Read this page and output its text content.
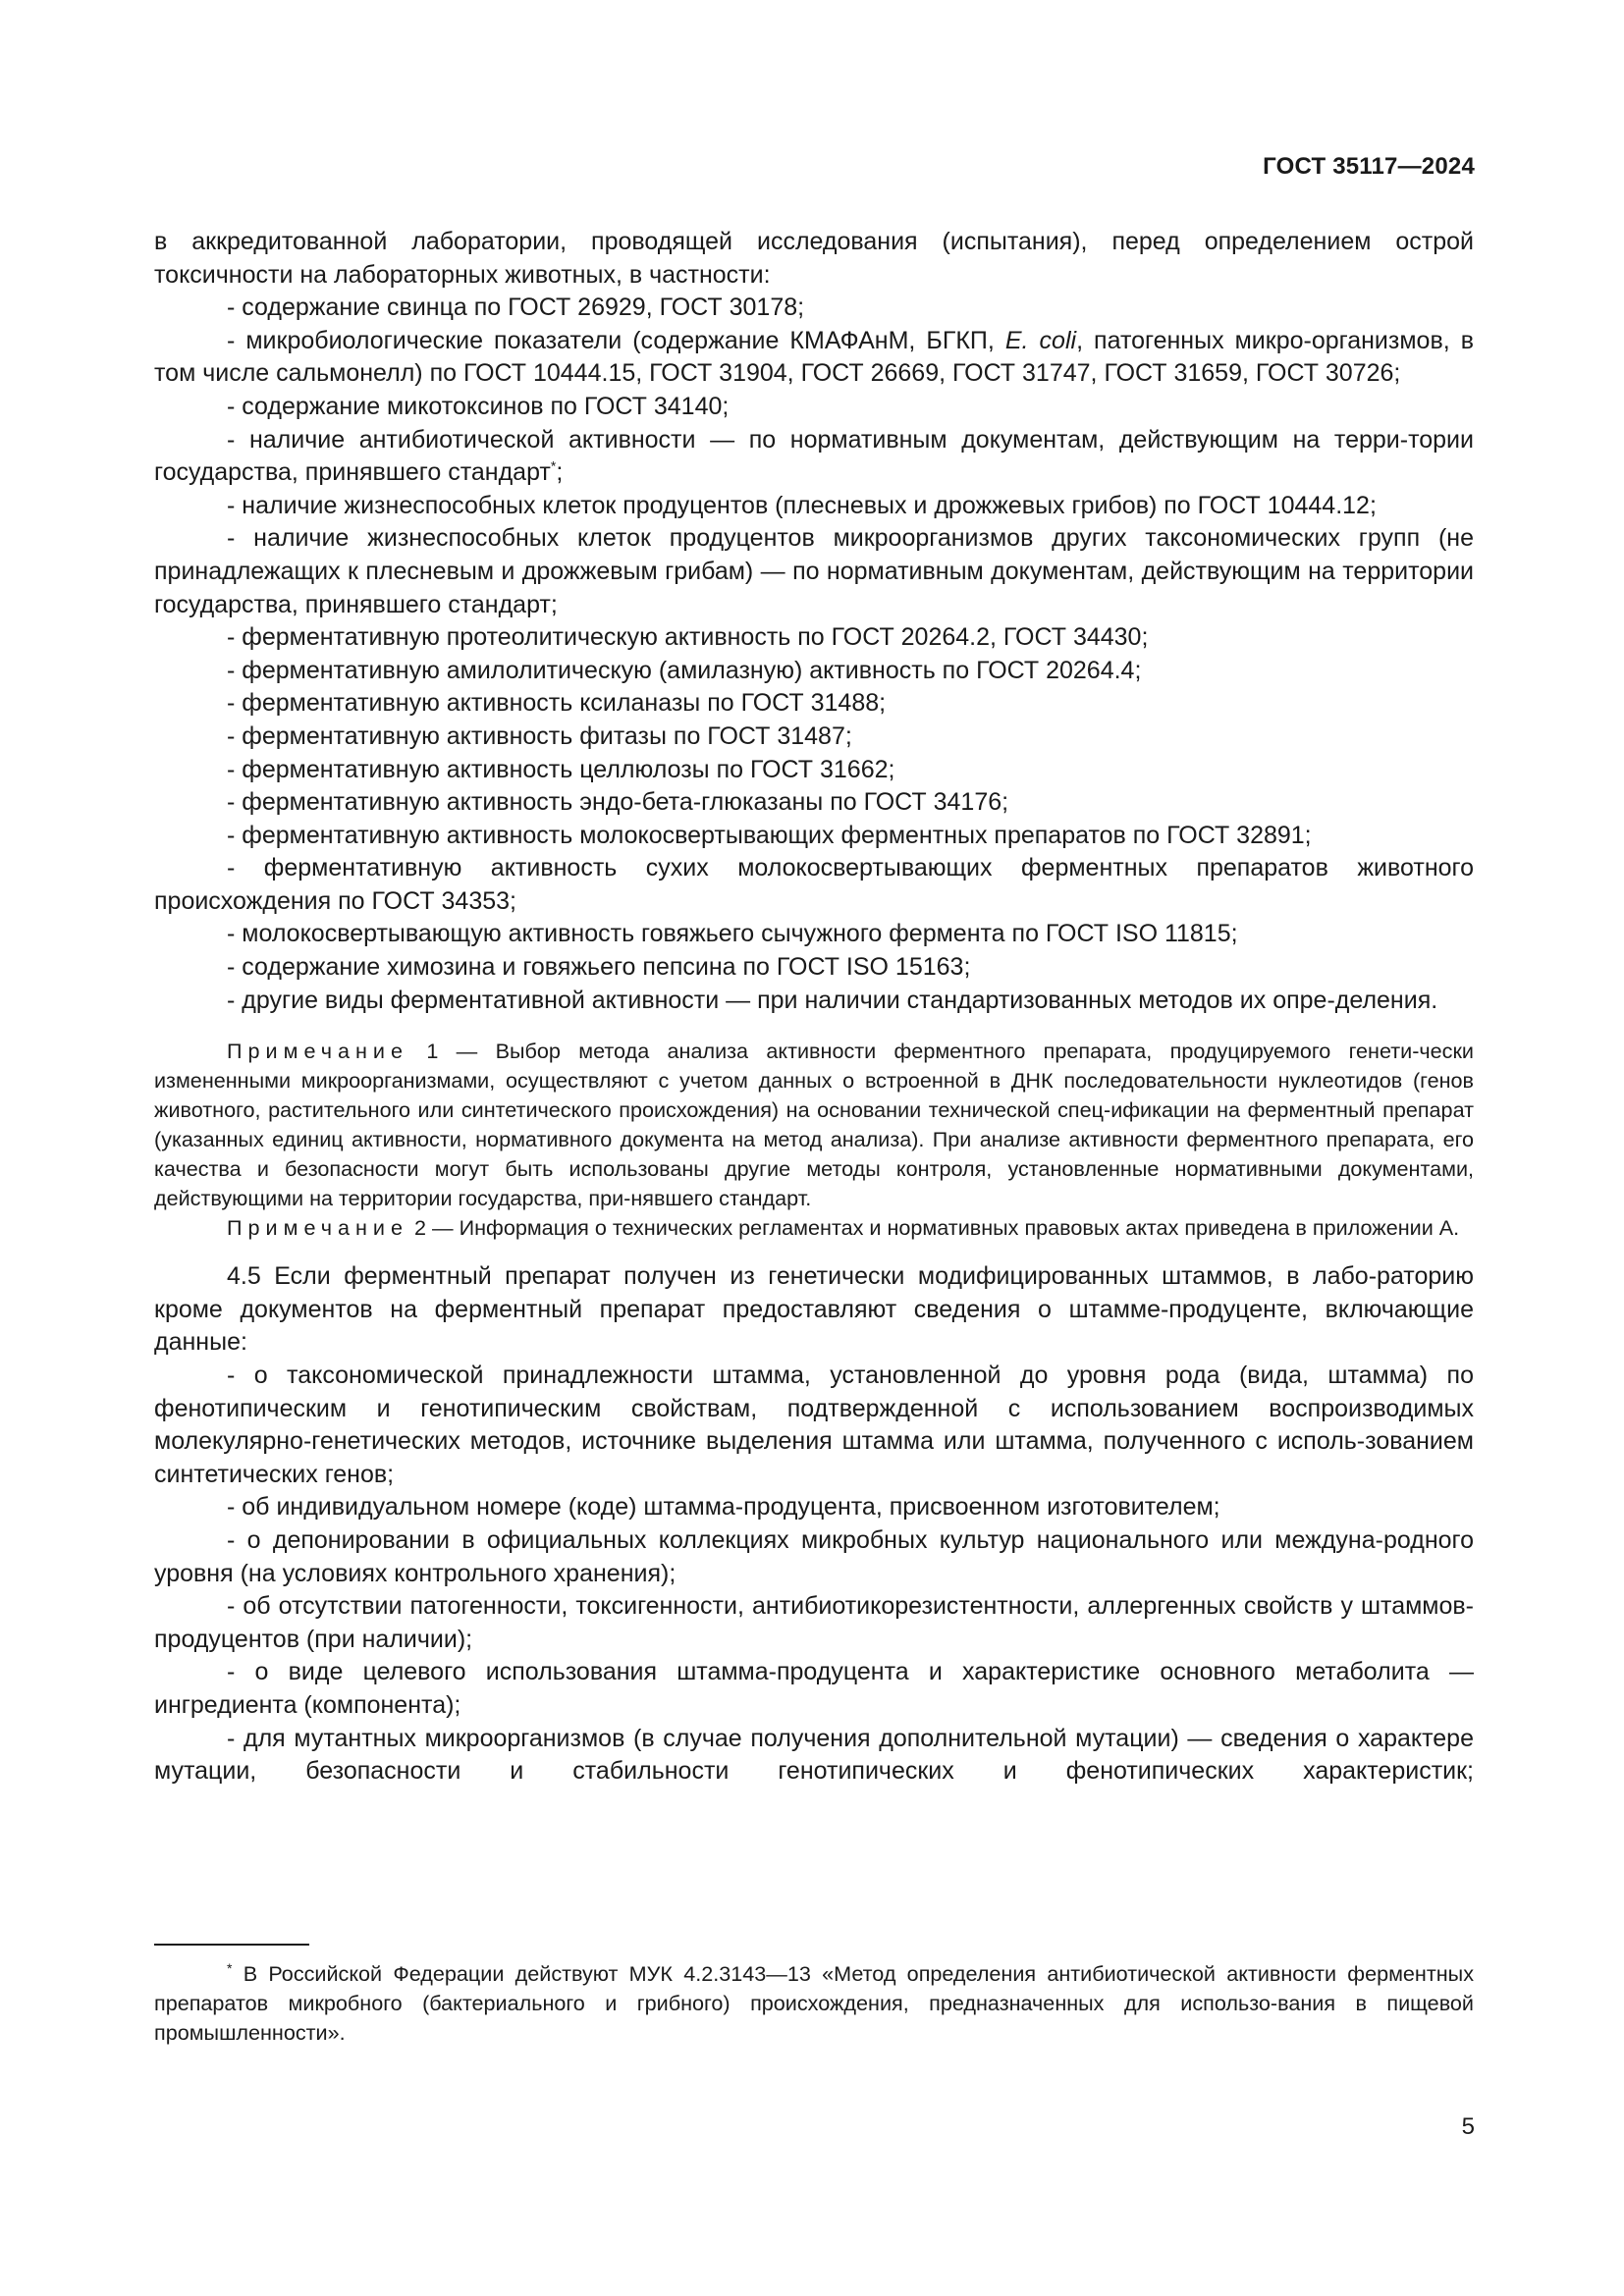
ГОСТ 35117—2024

в аккредитованной лаборатории, проводящей исследования (испытания), перед определением острой токсичности на лабораторных животных, в частности:

- содержание свинца по ГОСТ 26929, ГОСТ 30178;

- микробиологические показатели (содержание КМАФАнМ, БГКП, E. coli, патогенных микро-организмов, в том числе сальмонелл) по ГОСТ 10444.15, ГОСТ 31904, ГОСТ 26669, ГОСТ 31747, ГОСТ 31659, ГОСТ 30726;

- содержание микотоксинов по ГОСТ 34140;

- наличие антибиотической активности — по нормативным документам, действующим на терри-тории государства, принявшего стандарт*;

- наличие жизнеспособных клеток продуцентов (плесневых и дрожжевых грибов) по ГОСТ 10444.12;

- наличие жизнеспособных клеток продуцентов микроорганизмов других таксономических групп (не принадлежащих к плесневым и дрожжевым грибам) — по нормативным документам, действующим на территории государства, принявшего стандарт;

- ферментативную протеолитическую активность по ГОСТ 20264.2, ГОСТ 34430;

- ферментативную амилолитическую (амилазную) активность по ГОСТ 20264.4;

- ферментативную активность ксиланазы по ГОСТ 31488;

- ферментативную активность фитазы по ГОСТ 31487;

- ферментативную активность целлюлозы по ГОСТ 31662;

- ферментативную активность эндо-бета-глюказаны по ГОСТ 34176;

- ферментативную активность молокосвертывающих ферментных препаратов по ГОСТ 32891;

- ферментативную активность сухих молокосвертывающих ферментных препаратов животного происхождения по ГОСТ 34353;

- молокосвертывающую активность говяжьего сычужного фермента по ГОСТ ISO 11815;

- содержание химозина и говяжьего пепсина по ГОСТ ISO 15163;

- другие виды ферментативной активности — при наличии стандартизованных методов их опре-деления.

Примечание 1 — Выбор метода анализа активности ферментного препарата, продуцируемого генети-чески измененными микроорганизмами, осуществляют с учетом данных о встроенной в ДНК последовательности нуклеотидов (генов животного, растительного или синтетического происхождения) на основании технической спец-ификации на ферментный препарат (указанных единиц активности, нормативного документа на метод анализа). При анализе активности ферментного препарата, его качества и безопасности могут быть использованы другие методы контроля, установленные нормативными документами, действующими на территории государства, при-нявшего стандарт.

Примечание 2 — Информация о технических регламентах и нормативных правовых актах приведена в приложении А.

4.5 Если ферментный препарат получен из генетически модифицированных штаммов, в лабо-раторию кроме документов на ферментный препарат предоставляют сведения о штамме-продуценте, включающие данные:

- о таксономической принадлежности штамма, установленной до уровня рода (вида, штамма) по фенотипическим и генотипическим свойствам, подтвержденной с использованием воспроизводимых молекулярно-генетических методов, источнике выделения штамма или штамма, полученного с исполь-зованием синтетических генов;

- об индивидуальном номере (коде) штамма-продуцента, присвоенном изготовителем;

- о депонировании в официальных коллекциях микробных культур национального или междуна-родного уровня (на условиях контрольного хранения);

- об отсутствии патогенности, токсигенности, антибиотикорезистентности, аллергенных свойств у штаммов-продуцентов (при наличии);

- о виде целевого использования штамма-продуцента и характеристике основного метаболита — ингредиента (компонента);

- для мутантных микроорганизмов (в случае получения дополнительной мутации) — сведения о характере мутации, безопасности и стабильности генотипических и фенотипических характеристик;

* В Российской Федерации действуют МУК 4.2.3143—13 «Метод определения антибиотической активности ферментных препаратов микробного (бактериального и грибного) происхождения, предназначенных для использо-вания в пищевой промышленности».

5
